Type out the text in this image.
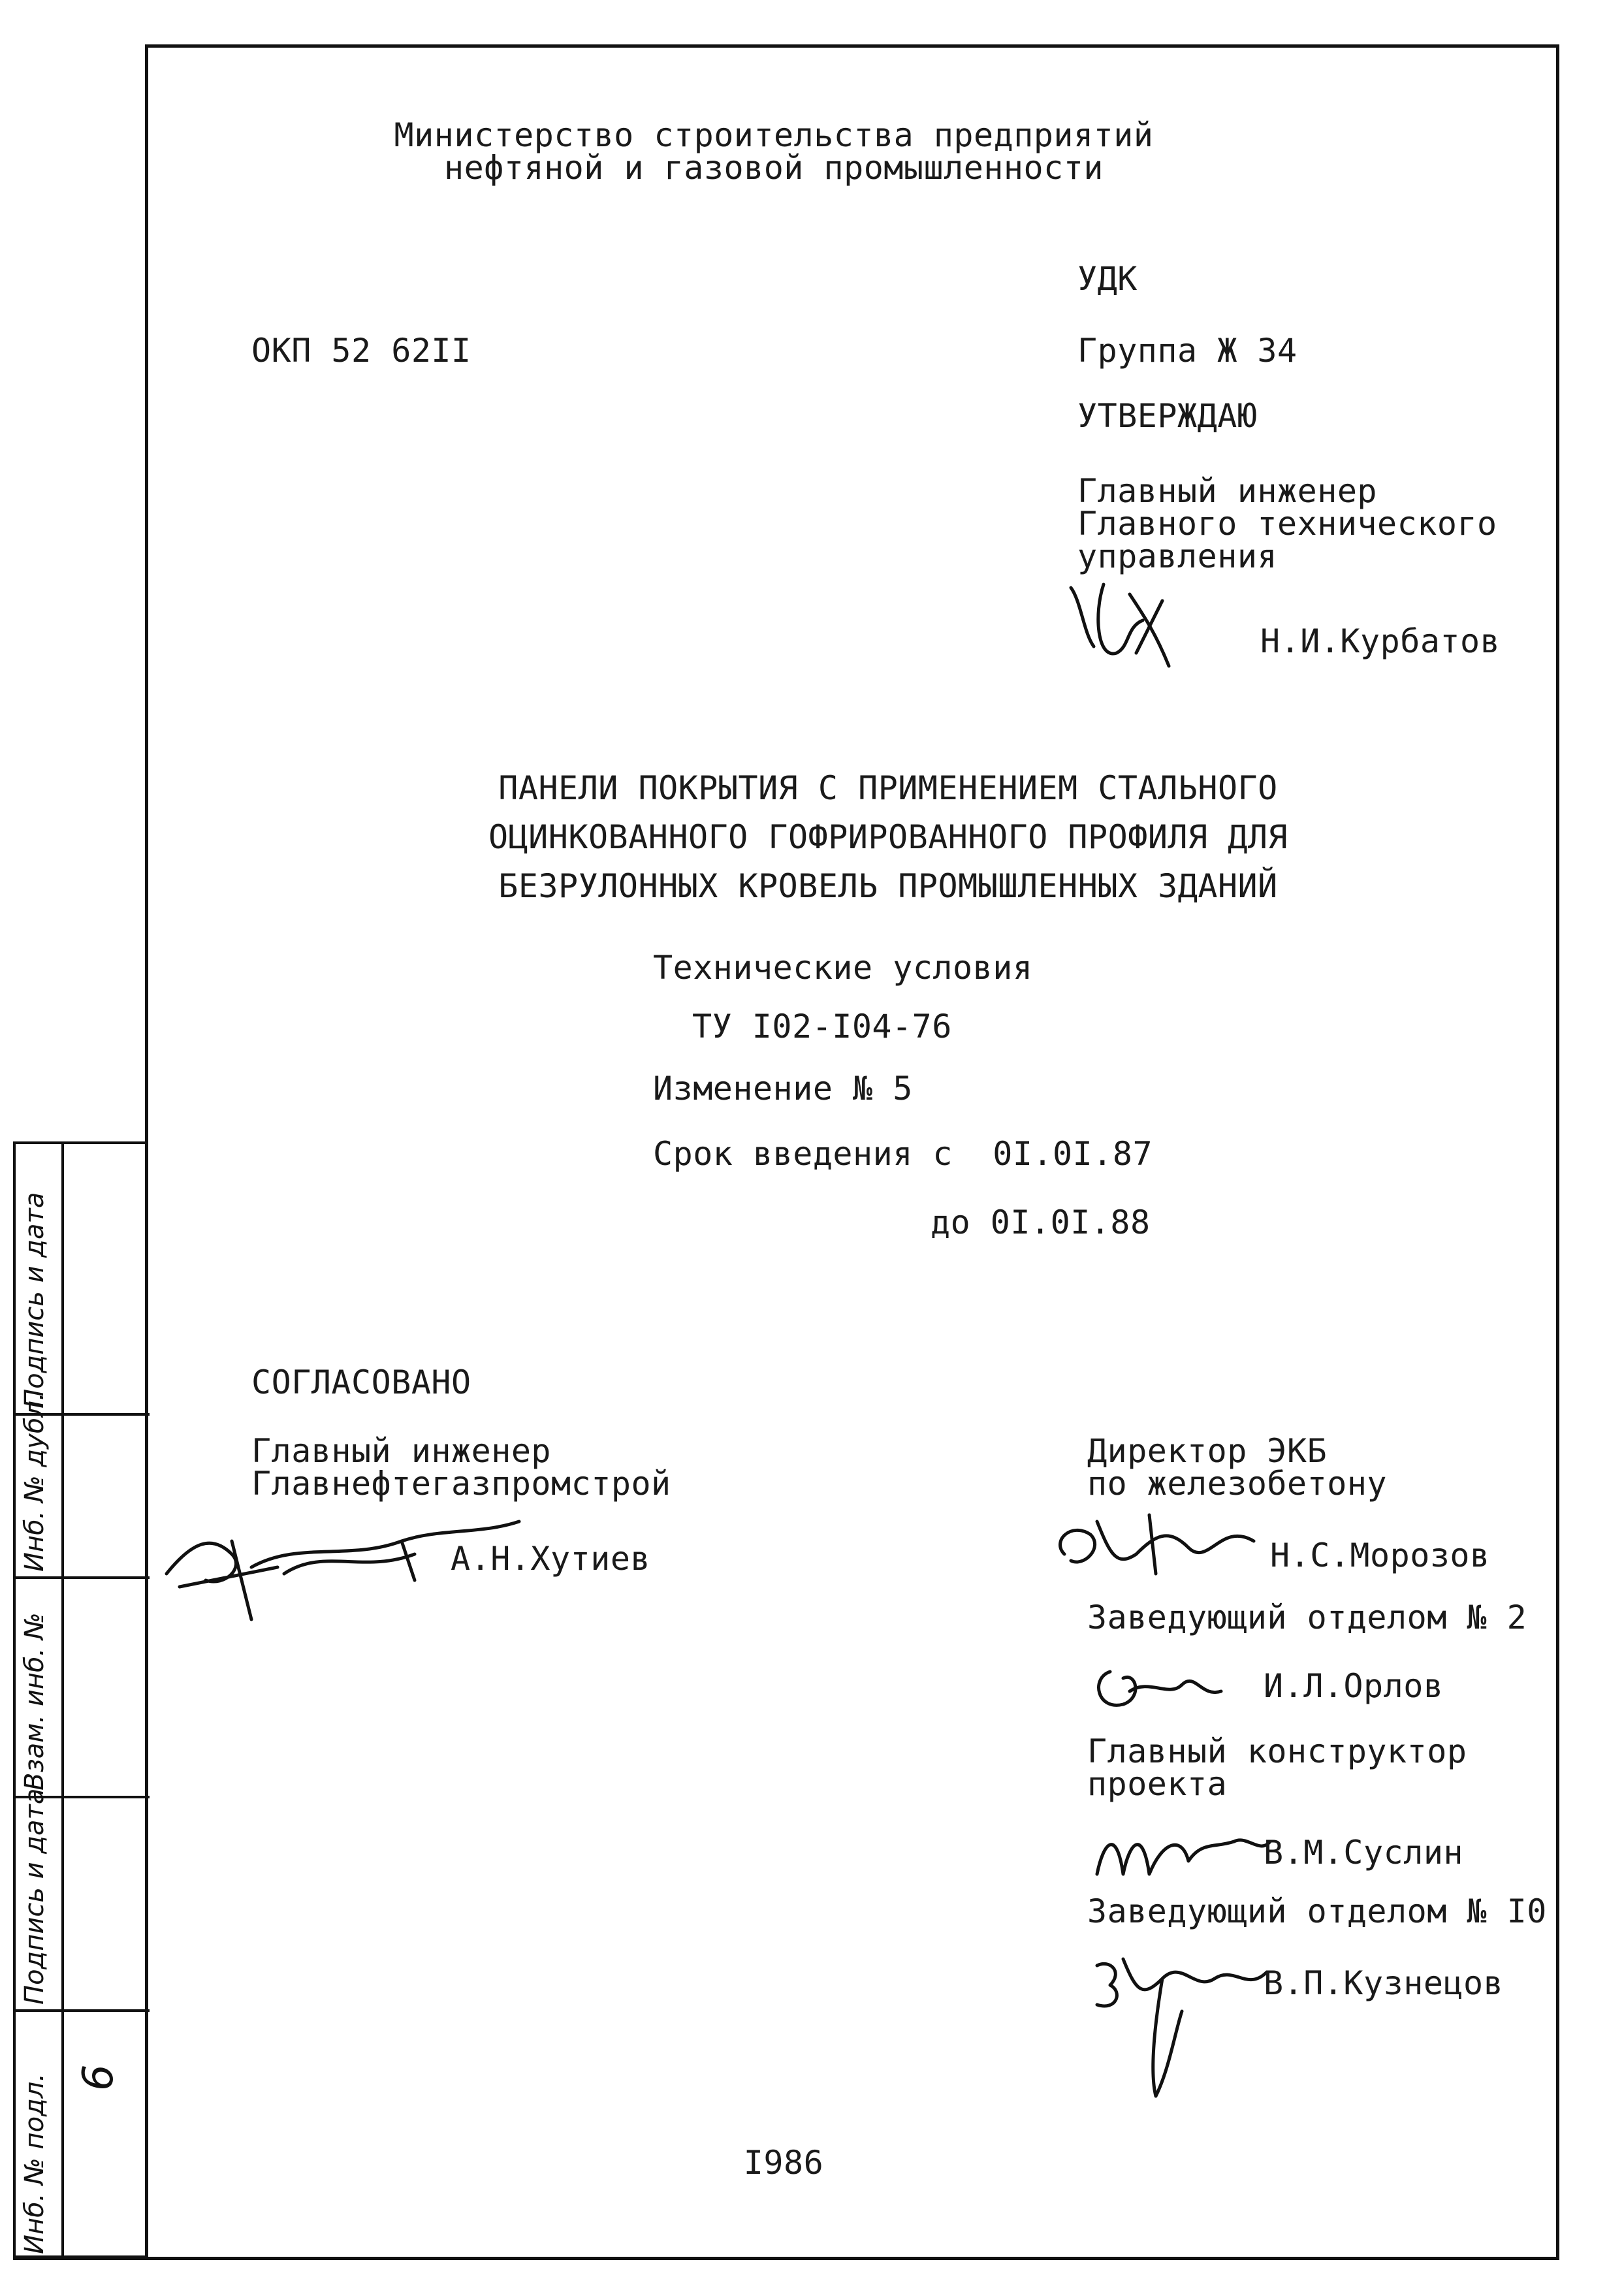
Инб. № подл.
Подпись и дата
Взам. инб. №
Инб. № дубл.
Подпись и дата
6
Министерство строительства предприятий
нефтяной и газовой промышленности
УДК
ОКП 52 62II	Группа Ж 34
УТВЕРЖДАЮ
Главный инженер
Главного технического
управления
Н.И.Курбатов
ПАНЕЛИ ПОКРЫТИЯ С ПРИМЕНЕНИЕМ СТАЛЬНОГО
ОЦИНКОВАННОГО ГОФРИРОВАННОГО ПРОФИЛЯ ДЛЯ
БЕЗРУЛОННЫХ КРОВЕЛЬ ПРОМЫШЛЕННЫХ ЗДАНИЙ
Технические условия
ТУ I02-I04-76
Изменение № 5
Срок введения с  0I.0I.87
до 0I.0I.88
СОГЛАСОВАНО
Главный инженер
Главнефтегазпромстрой
А.Н.Хутиев
Директор ЭКБ
по железобетону
Н.С.Морозов
Заведующий отделом № 2
И.Л.Орлов
Главный конструктор
проекта
В.М.Суслин
Заведующий отделом № I0
В.П.Кузнецов
I986
